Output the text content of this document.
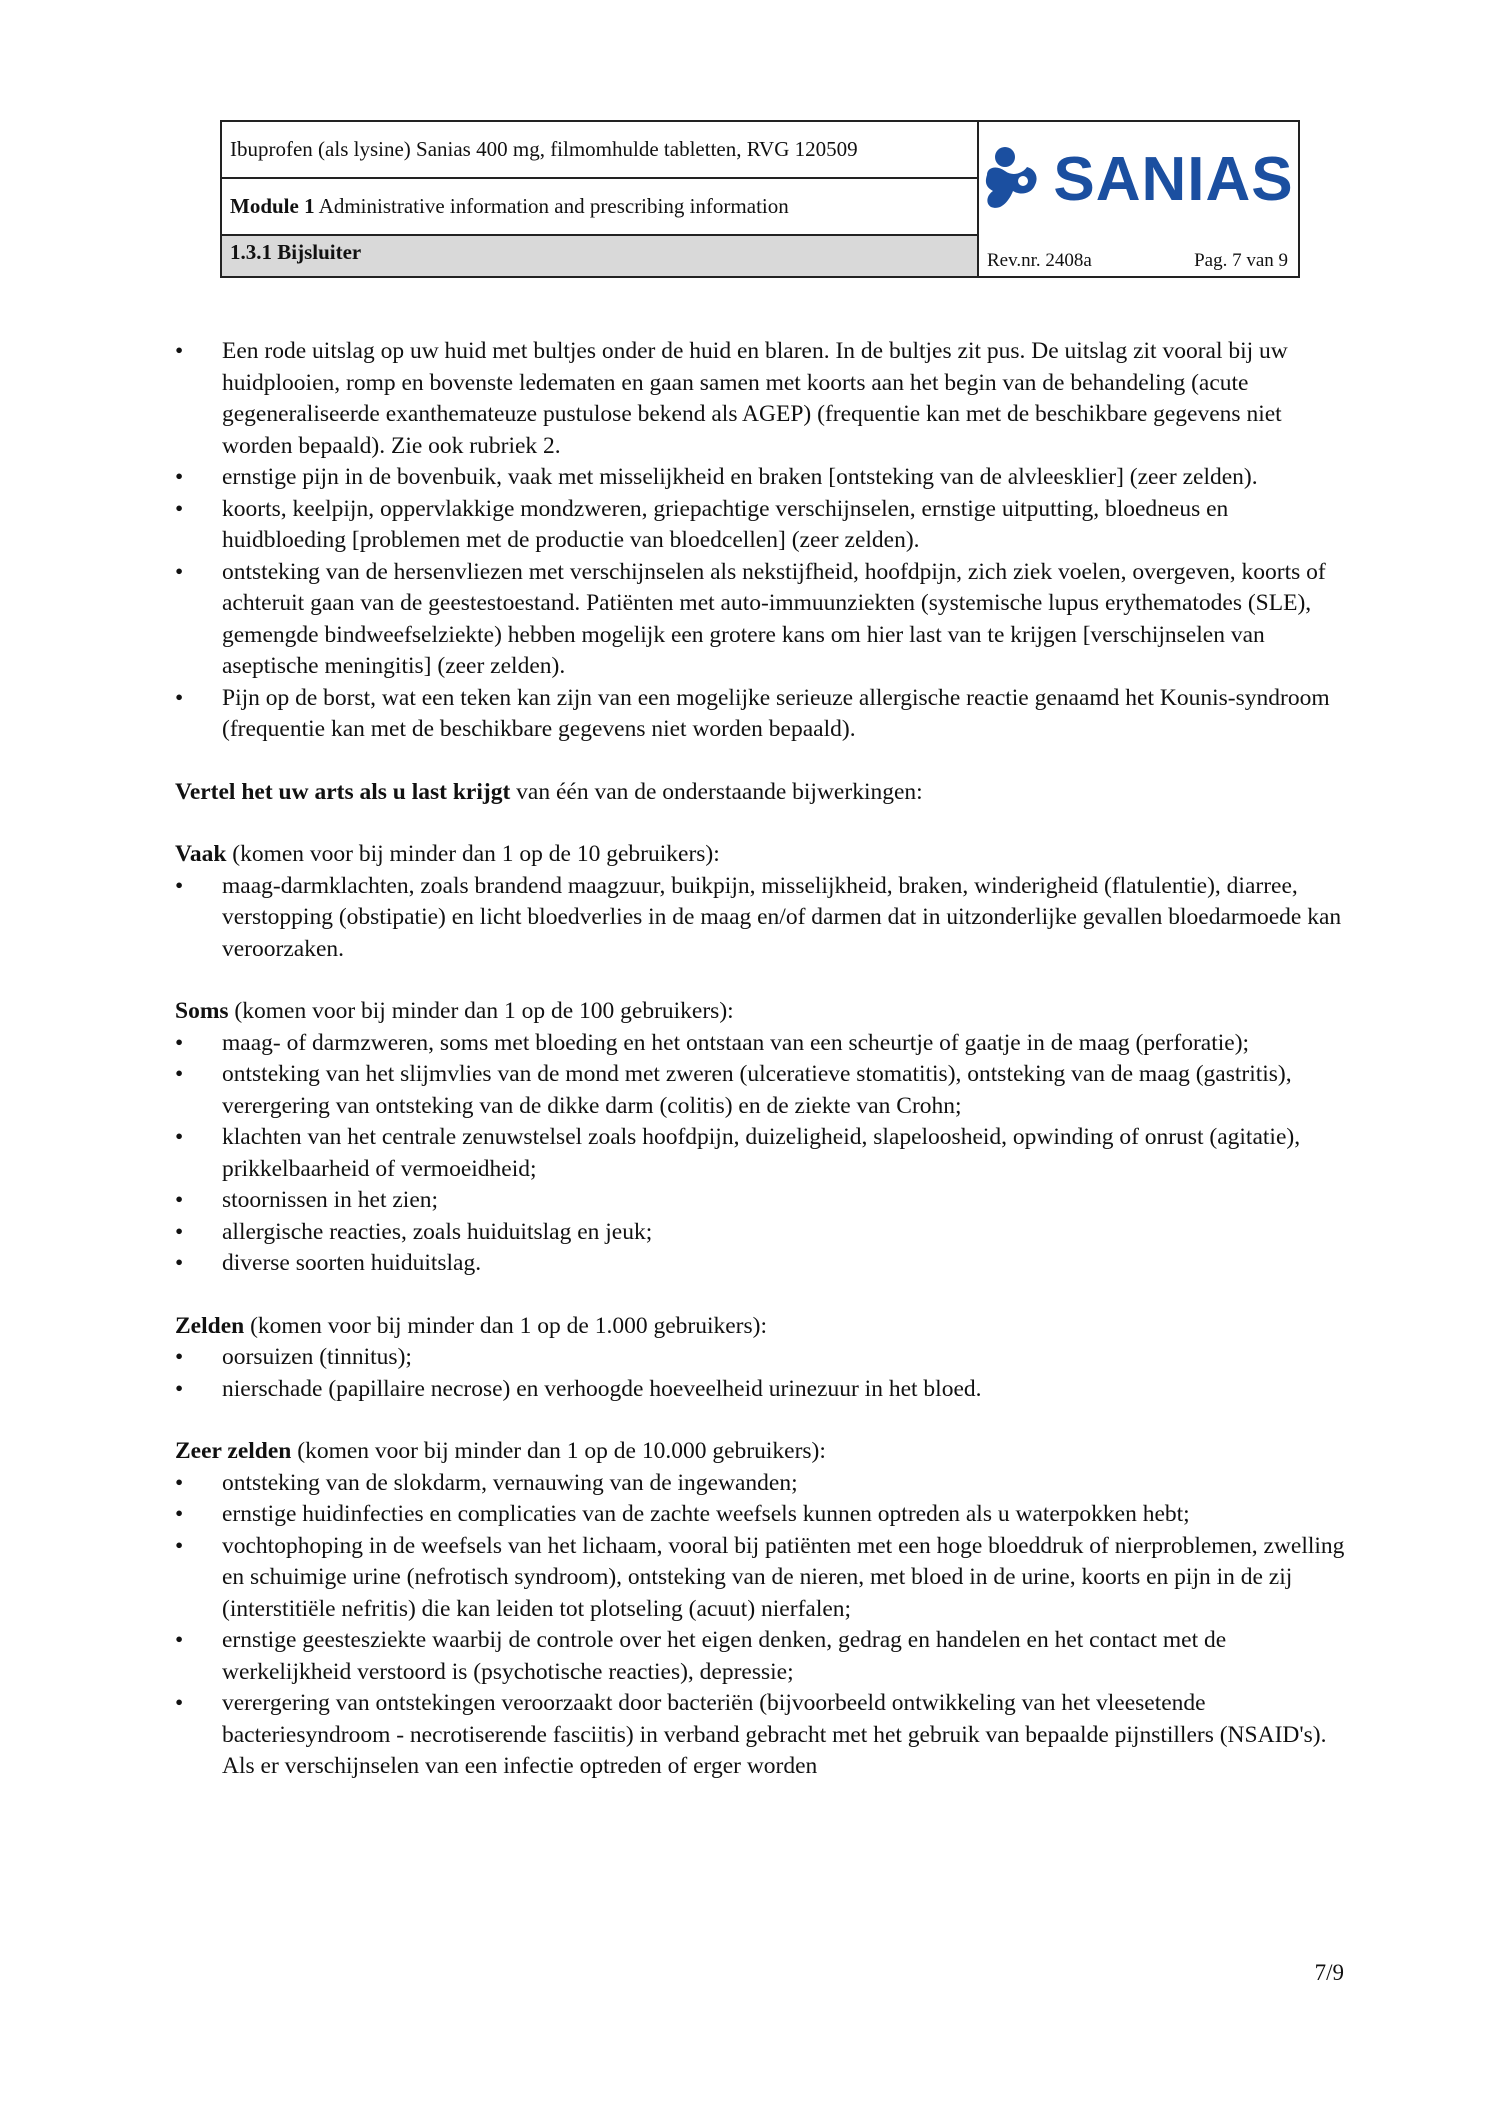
Ibuprofen (als lysine) Sanias 400 mg, filmomhulde tabletten, RVG 120509
Module 1 Administrative information and prescribing information
1.3.1 Bijsluiter
SANIAS
Rev.nr. 2408a	Pag. 7 van 9
• Een rode uitslag op uw huid met bultjes onder de huid en blaren. In de bultjes zit pus. De uitslag zit vooral bij uw huidplooien, romp en bovenste ledematen en gaan samen met koorts aan het begin van de behandeling (acute gegeneraliseerde exanthemateuze pustulose bekend als AGEP) (frequentie kan met de beschikbare gegevens niet worden bepaald). Zie ook rubriek 2.
• ernstige pijn in de bovenbuik, vaak met misselijkheid en braken [ontsteking van de alvleesklier] (zeer zelden).
• koorts, keelpijn, oppervlakkige mondzweren, griepachtige verschijnselen, ernstige uitputting, bloedneus en huidbloeding [problemen met de productie van bloedcellen] (zeer zelden).
• ontsteking van de hersenvliezen met verschijnselen als nekstijfheid, hoofdpijn, zich ziek voelen, overgeven, koorts of achteruit gaan van de geestestoestand. Patiënten met auto-immuunziekten (systemische lupus erythematodes (SLE), gemengde bindweefselziekte) hebben mogelijk een grotere kans om hier last van te krijgen [verschijnselen van aseptische meningitis] (zeer zelden).
• Pijn op de borst, wat een teken kan zijn van een mogelijke serieuze allergische reactie genaamd het Kounis-syndroom (frequentie kan met de beschikbare gegevens niet worden bepaald).

Vertel het uw arts als u last krijgt van één van de onderstaande bijwerkingen:

Vaak (komen voor bij minder dan 1 op de 10 gebruikers):

• maag-darmklachten, zoals brandend maagzuur, buikpijn, misselijkheid, braken, winderigheid (flatulentie), diarree, verstopping (obstipatie) en licht bloedverlies in de maag en/of darmen dat in uitzonderlijke gevallen bloedarmoede kan veroorzaken.

Soms (komen voor bij minder dan 1 op de 100 gebruikers):

• maag- of darmzweren, soms met bloeding en het ontstaan van een scheurtje of gaatje in de maag (perforatie);
• ontsteking van het slijmvlies van de mond met zweren (ulceratieve stomatitis), ontsteking van de maag (gastritis), verergering van ontsteking van de dikke darm (colitis) en de ziekte van Crohn;
• klachten van het centrale zenuwstelsel zoals hoofdpijn, duizeligheid, slapeloosheid, opwinding of onrust (agitatie), prikkelbaarheid of vermoeidheid;
• stoornissen in het zien;
• allergische reacties, zoals huiduitslag en jeuk;
• diverse soorten huiduitslag.

Zelden (komen voor bij minder dan 1 op de 1.000 gebruikers):

• oorsuizen (tinnitus);
• nierschade (papillaire necrose) en verhoogde hoeveelheid urinezuur in het bloed.

Zeer zelden (komen voor bij minder dan 1 op de 10.000 gebruikers):

• ontsteking van de slokdarm, vernauwing van de ingewanden;
• ernstige huidinfecties en complicaties van de zachte weefsels kunnen optreden als u waterpokken hebt;
• vochtophoping in de weefsels van het lichaam, vooral bij patiënten met een hoge bloeddruk of nierproblemen, zwelling en schuimige urine (nefrotisch syndroom), ontsteking van de nieren, met bloed in de urine, koorts en pijn in de zij (interstitiële nefritis) die kan leiden tot plotseling (acuut) nierfalen;
• ernstige geestesziekte waarbij de controle over het eigen denken, gedrag en handelen en het contact met de werkelijkheid verstoord is (psychotische reacties), depressie;
• verergering van ontstekingen veroorzaakt door bacteriën (bijvoorbeeld ontwikkeling van het vleesetende bacteriesyndroom - necrotiserende fasciitis) in verband gebracht met het gebruik van bepaalde pijnstillers (NSAID's). Als er verschijnselen van een infectie optreden of erger worden
7/9
